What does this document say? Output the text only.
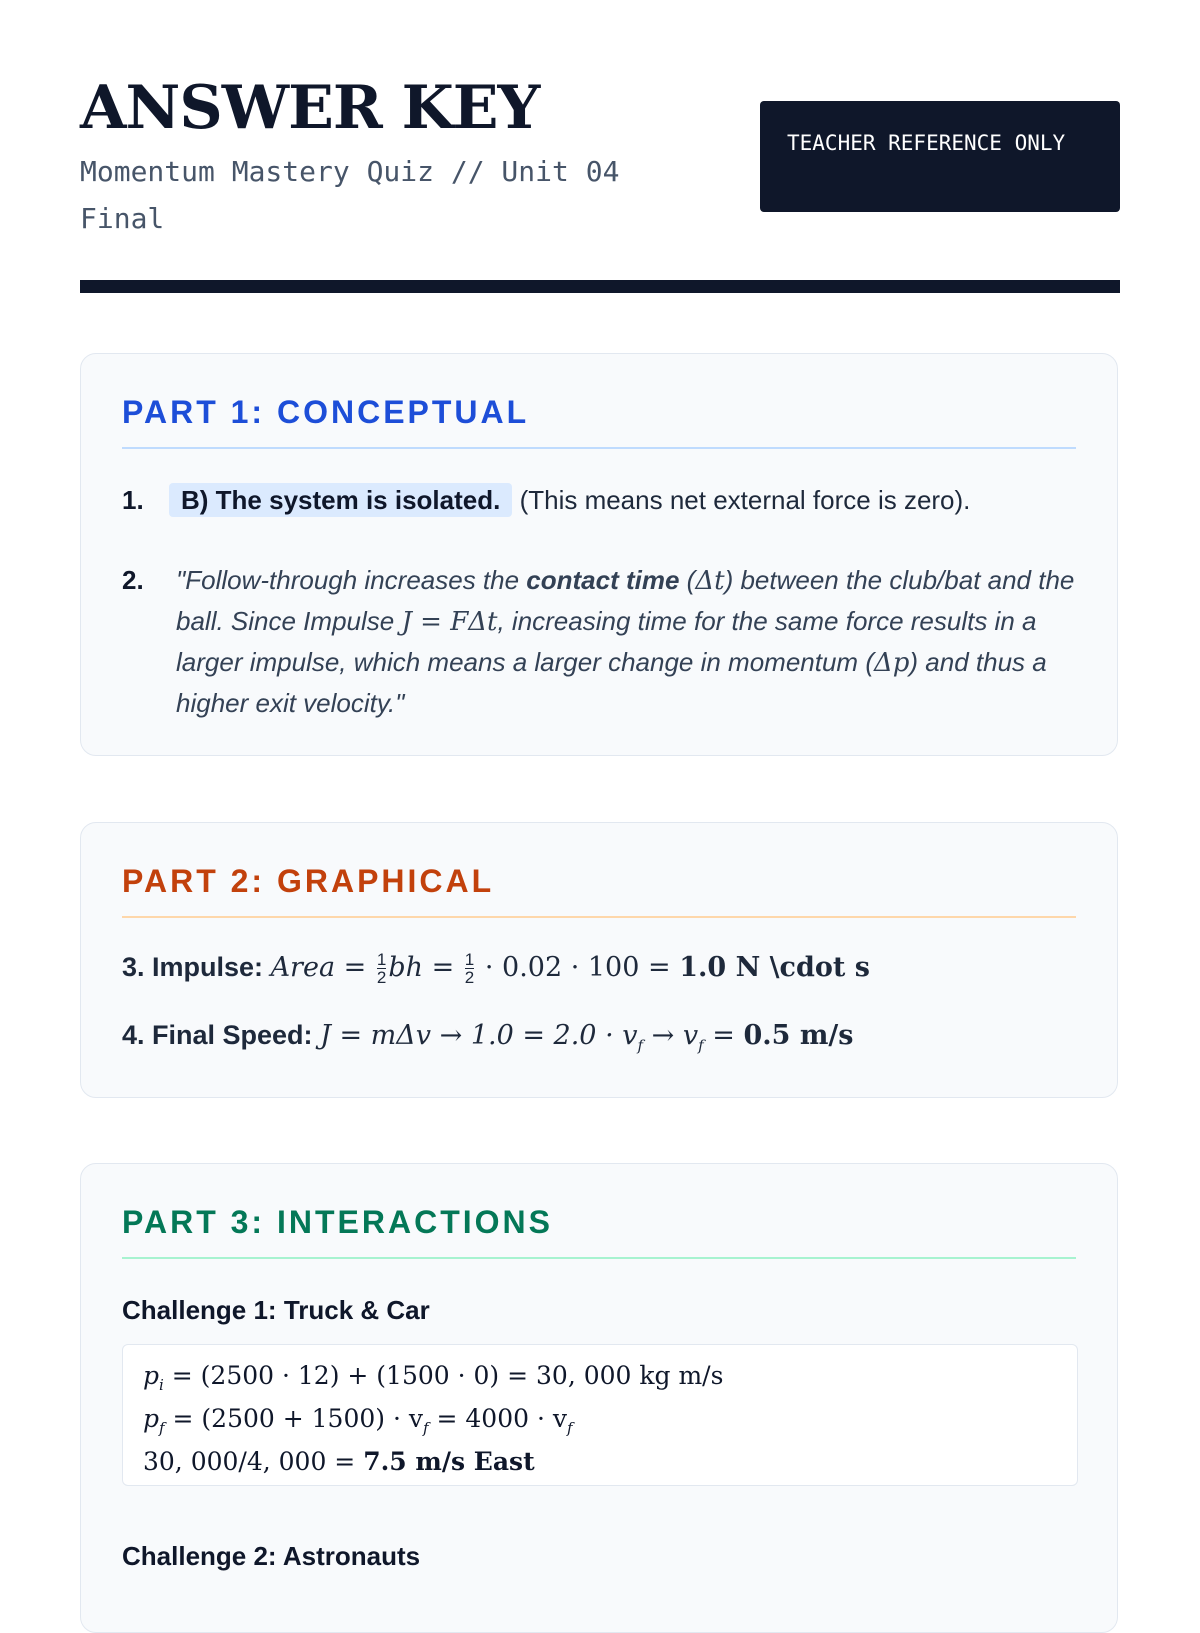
ANSWER KEY

Momentum Mastery Quiz // Unit 04 Final

TEACHER REFERENCE ONLY
PART 1: CONCEPTUAL
1. B) The system is isolated. (This means net external force is zero).
2. "Follow-through increases the contact time (Δt) between the club/bat and the ball. Since Impulse J = FΔt, increasing time for the same force results in a larger impulse, which means a larger change in momentum (Δp) and thus a higher exit velocity."
PART 2: GRAPHICAL
3. Impulse: Area = $\frac{1}{2}$ bh = $\frac{1}{2} \cdot 0.02 \cdot 100 = 1.0$ N \cdot s
4. Final Speed: $J = m\Delta v \to 1.0 = 2.0 \cdot v_f \to v_f = 0.5$ m/s
PART 3: INTERACTIONS
Challenge 1: Truck & Car
$p_i = (2500 \cdot 12) + (1500 \cdot 0) = 30$, 000 kg m/s
$p_f = (2500 + 1500) \cdot v_f = 4000 \cdot v_f$
30, 000/4, 000 = 7.5 m/s East
Challenge 2: Astronauts
